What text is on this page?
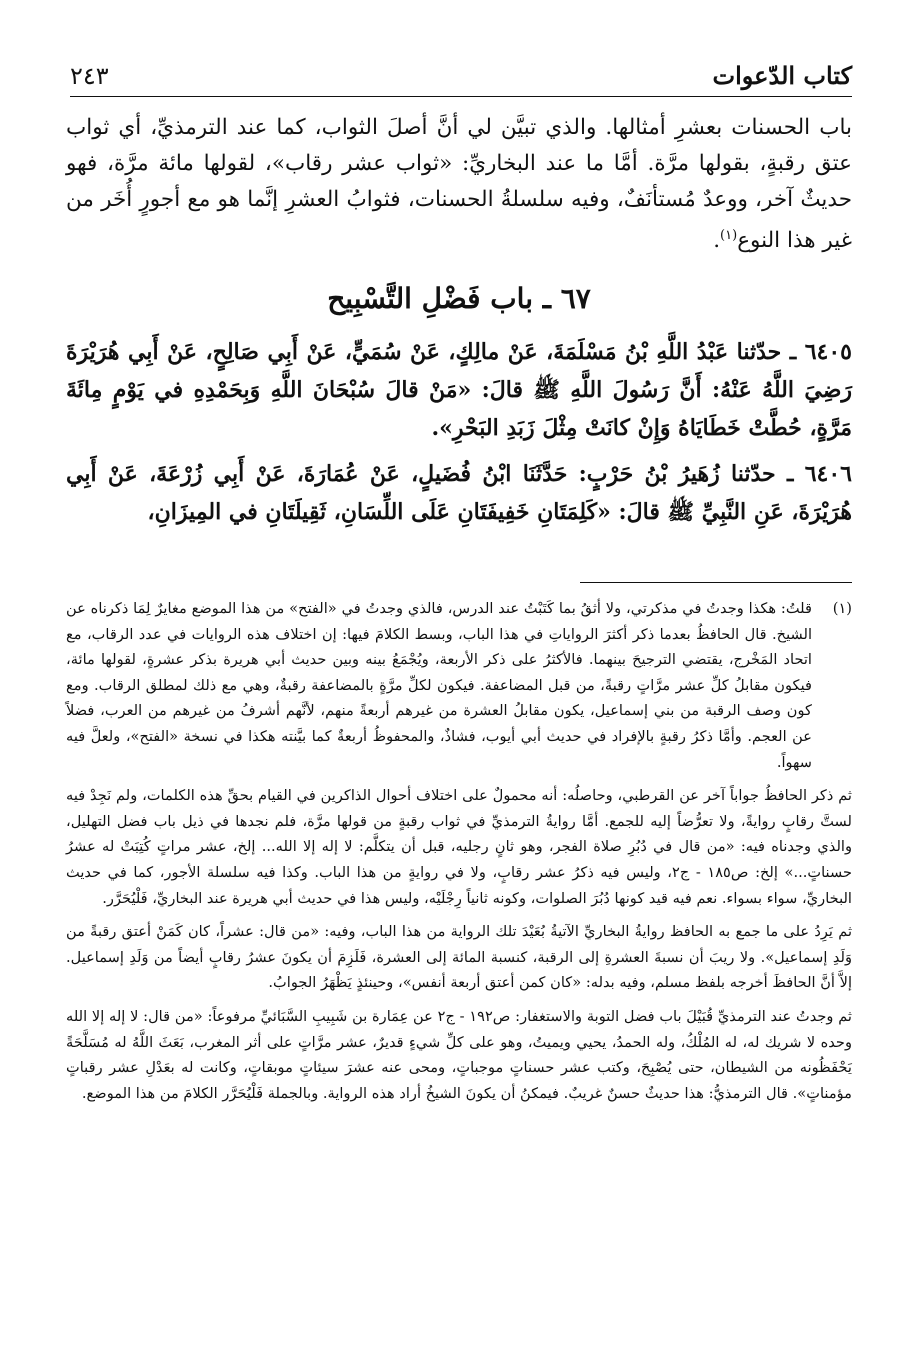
٢٤٣	كتاب الدّعوات

باب الحسنات بعشرِ أمثالها. والذي تبيَّن لي أنَّ أصلَ الثواب، كما عند الترمذيِّ، أي ثواب عتق رقبةٍ، بقولها مرَّة. أمَّا ما عند البخاريِّ: «ثواب عشر رقاب»، لقولها مائة مرَّة، فهو حديثٌ آخر، ووعدٌ مُستأنَفٌ، وفيه سلسلةُ الحسنات، فثوابُ العشرِ إنَّما هو مع أجورٍ أُخَر من غير هذا النوع$^{(١)}$.

٦٧ ـ باب فَضْلِ التَّسْبِيح

٦٤٠٥ ـ حدّثنا عَبْدُ اللَّهِ بْنُ مَسْلَمَةَ، عَنْ مالِكٍ، عَنْ سُمَيٍّ، عَنْ أَبِي صَالِحٍ، عَنْ أَبِي هُرَيْرَةَ رَضِيَ اللَّهُ عَنْهُ: أَنَّ رَسُولَ اللَّهِ ﷺ قالَ: «مَنْ قالَ سُبْحَانَ اللَّهِ وَبِحَمْدِهِ في يَوْمٍ مِائَةَ مَرَّةٍ، حُطَّتْ خَطَايَاهُ وَإِنْ كانَتْ مِثْلَ زَبَدِ البَحْرِ».

٦٤٠٦ ـ حدّثنا زُهَيرُ بْنُ حَرْبٍ: حَدَّثَنَا ابْنُ فُضَيلٍ، عَنْ عُمَارَةَ، عَنْ أَبِي زُرْعَةَ، عَنْ أَبِي هُرَيْرَةَ، عَنِ النَّبِيِّ ﷺ قالَ: «كَلِمَتَانِ خَفِيفَتَانِ عَلَى اللِّسَانِ، ثَقِيلَتَانِ في المِيزَانِ،

(١)
قلتُ: هكذا وجدتُ في مذكرتي، ولا أثقُ بما كَتَبْتُ عند الدرس، فالذي وجدتُ في «الفتح» من هذا الموضع مغايرٌ لِمَا ذكرناه عن الشيخ. قال الحافظُ بعدما ذكر أكثرَ الرواياتِ في هذا الباب، وبسط الكلامَ فيها: إن اختلاف هذه الروايات في عدد الرقاب، مع اتحاد المَخْرج، يقتضي الترجيحَ بينهما. فالأكثرُ على ذكر الأربعة، ويُجْمَعُ بينه وبين حديث أبي هريرة بذكر عشرةٍ، لقولها مائة، فيكون مقابلُ كلِّ عشر مرَّاتٍ رقبةً، من قبل المضاعفة. فيكون لكلِّ مرَّةٍ بالمضاعفة رقبةٌ، وهي مع ذلك لمطلق الرقاب. ومع كون وصف الرقبة من بني إسماعيل، يكون مقابلُ العشرة من غيرهم أربعةً منهم، لأنَّهم أشرفُ من غيرهم من العرب، فضلاً عن العجم. وأمَّا ذكرُ رقبةٍ بالإفراد في حديث أبي أيوب، فشاذٌ، والمحفوظُ أربعةٌ كما بيَّنته هكذا في نسخة «الفتح»، ولعلَّ فيه سهواً.

ثم ذكر الحافظُ جواباً آخر عن القرطبي، وحاصلُه: أنه محمولٌ على اختلاف أحوال الذاكرين في القيام بحقِّ هذه الكلمات، ولم نَجِدْ فيه لستَّ رقابٍ روايةً، ولا تعرُّضاً إليه للجمع. أمَّا روايةُ الترمذيِّ في ثواب رقبةٍ من قولها مرَّة، فلم نجدها في ذيل باب فضل التهليل، والذي وجدناه فيه: «من قال في دُبُرِ صلاة الفجر، وهو ثانٍ رجليه، قبل أن يتكلَّم: لا إله إلا الله... إلخ، عشر مراتٍ كُتِبَتْ له عشرُ حسناتٍ...» إلخ: ص١٨٥ - ج٢، وليس فيه ذكرُ عشر رقابٍ، ولا في روايةٍ من هذا الباب. وكذا فيه سلسلة الأجور، كما في حديث البخاريِّ، سواء بسواء. نعم فيه قيد كونها دُبُرَ الصلوات، وكونه ثانياً رِجْلَيْه، وليس هذا في حديث أبي هريرة عند البخاريِّ، فَلْيُحَرَّر.

ثم يَرِدُ على ما جمع به الحافظ روايةُ البخاريِّ الآتيةُ بُعَيْدَ تلك الرواية من هذا الباب، وفيه: «من قال: عشراً، كان كَمَنْ أعتق رقبةً من وَلَدِ إسماعيل». ولا ريبَ أن نسبةَ العشرةِ إلى الرقبة، كنسبة المائة إلى العشرة، فَلَزِمَ أن يكونَ عشرُ رقابٍ أيضاً من وَلَدِ إسماعيل. إلاَّ أنَّ الحافظَ أخرجه بلفظ مسلم، وفيه بدله: «كان كمن أعتق أربعة أنفس»، وحينئذٍ يَظْهَرُ الجوابُ.

ثم وجدتُ عند الترمذيِّ قُبَيْلَ باب فضل التوبة والاستغفار: ص١٩٢ - ج٢ عن عِمَارة بن شَبِيبِ السَّبَائيِّ مرفوعاً: «من قال: لا إله إلا الله وحده لا شريك له، له المُلْكُ، وله الحمدُ، يحيي ويميتُ، وهو على كلِّ شيءٍ قديرٌ، عشر مرَّاتٍ على أثر المغرب، بَعَثَ اللَّهُ له مُسَلَّحَةً يَحْفَظُونه من الشيطان، حتى يُصْبِحَ، وكتب عشر حسناتٍ موجباتٍ، ومحى عنه عشرَ سيئاتٍ موبقاتٍ، وكانت له بعَدْلِ عشر رقباتٍ مؤمناتٍ». قال الترمذيُّ: هذا حديثٌ حسنٌ غريبٌ. فيمكنُ أن يكونَ الشيخُ أراد هذه الرواية. وبالجملة فَلْيُحَرَّر الكلامَ من هذا الموضع.
